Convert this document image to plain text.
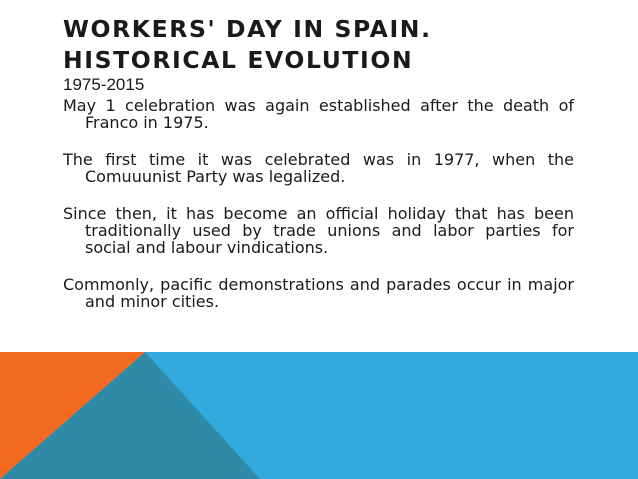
WORKERS' DAY IN SPAIN.
HISTORICAL EVOLUTION
1975-2015

May 1 celebration was again established after the death of Franco in 1975.

The first time it was celebrated was in 1977, when the Comuuunist Party was legalized.

Since then, it has become an official holiday that has been traditionally used by trade unions and labor parties for social and labour vindications.

Commonly, pacific demonstrations and parades occur in major and minor cities.
